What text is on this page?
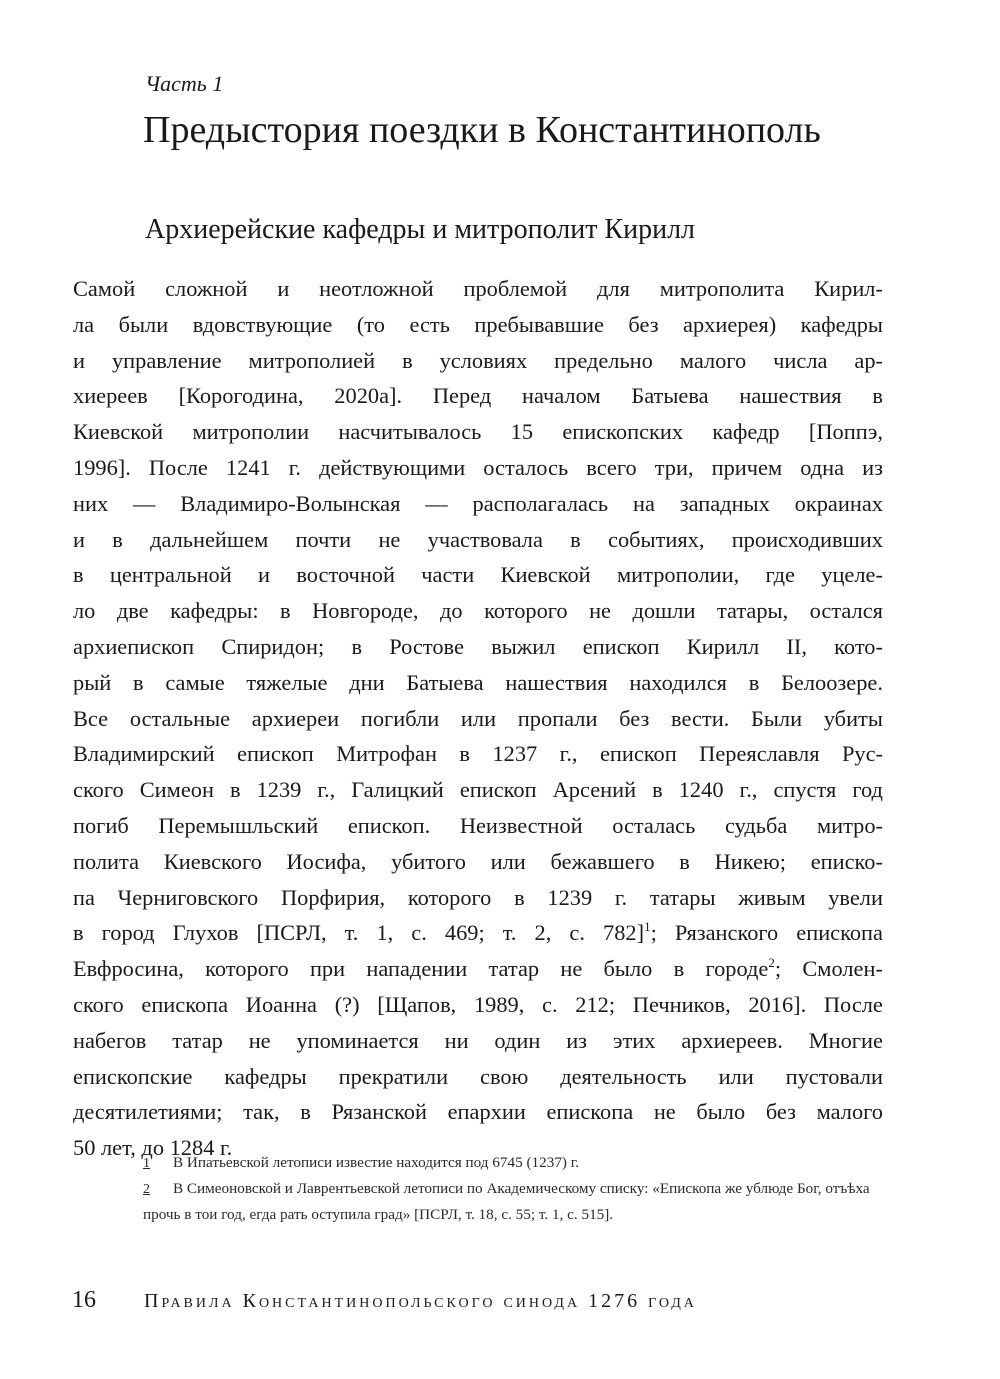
Часть 1
Предыстория поездки в Константинополь
Архиерейские кафедры и митрополит Кирилл
Самой сложной и неотложной проблемой для митрополита Кирил-
ла были вдовствующие (то есть пребывавшие без архиерея) кафедры
и управление митрополией в условиях предельно малого числа ар-
хиереев [Корогодина, 2020а]. Перед началом Батыева нашествия в
Киевской митрополии насчитывалось 15 епископских кафедр [Поппэ,
1996]. После 1241 г. действующими осталось всего три, причем одна из
них — Владимиро-Волынская — располагалась на западных окраинах
и в дальнейшем почти не участвовала в событиях, происходивших
в центральной и восточной части Киевской митрополии, где уцеле-
ло две кафедры: в Новгороде, до которого не дошли татары, остался
архиепископ Спиридон; в Ростове выжил епископ Кирилл II, кото-
рый в самые тяжелые дни Батыева нашествия находился в Белоозере.
Все остальные архиереи погибли или пропали без вести. Были убиты
Владимирский епископ Митрофан в 1237 г., епископ Переяславля Рус-
ского Симеон в 1239 г., Галицкий епископ Арсений в 1240 г., спустя год
погиб Перемышльский епископ. Неизвестной осталась судьба митро-
полита Киевского Иосифа, убитого или бежавшего в Никею; еписко-
па Черниговского Порфирия, которого в 1239 г. татары живым увели
в город Глухов [ПСРЛ, т. 1, с. 469; т. 2, с. 782]$^1$; Рязанского епископа
Евфросина, которого при нападении татар не было в городе$^2$; Смолен-
ского епископа Иоанна (?) [Щапов, 1989, с. 212; Печников, 2016]. После
набегов татар не упоминается ни один из этих архиереев. Многие
епископские кафедры прекратили свою деятельность или пустовали
десятилетиями; так, в Рязанской епархии епископа не было без малого
50 лет, до 1284 г.

1 В Ипатьевской летописи известие находится под 6745 (1237) г.

2 В Симеоновской и Лаврентьевской летописи по Академическому списку: «Епископа же ублюде Бог, отъѣха прочь в тои год, егда рать оступила град» [ПСРЛ, т. 18, с. 55; т. 1, с. 515].

16	Правила Константинопольского синода 1276 года
